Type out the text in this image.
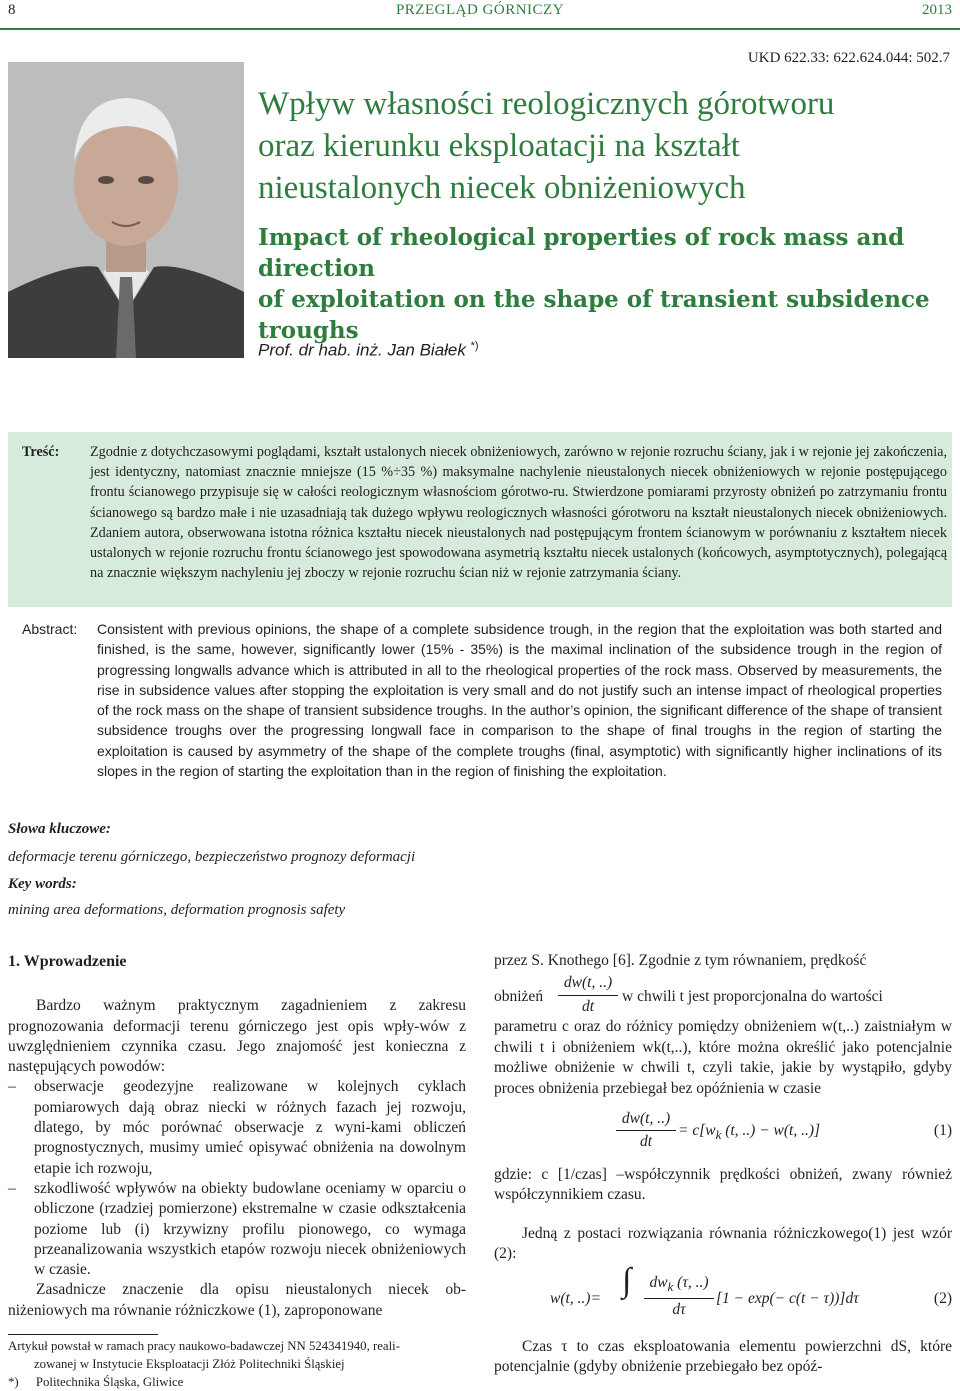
8	PRZEGLĄD GÓRNICZY	2013
UKD 622.33: 622.624.044: 502.7
Wpływ własności reologicznych górotworu
oraz kierunku eksploatacji na kształt
nieustalonych niecek obniżeniowych
Impact of rheological properties of rock mass and direction
of exploitation on the shape of transient subsidence troughs
Prof. dr hab. inż. Jan Białek *)
Treść: Zgodnie z dotychczasowymi poglądami, kształt ustalonych niecek obniżeniowych, zarówno w rejonie rozruchu ściany, jak i w rejonie jej zakończenia, jest identyczny, natomiast znacznie mniejsze (15 %÷35 %) maksymalne nachylenie nieustalonych niecek obniżeniowych w rejonie postępującego frontu ścianowego przypisuje się w całości reologicznym własnościom górotwo-ru. Stwierdzone pomiarami przyrosty obniżeń po zatrzymaniu frontu ścianowego są bardzo małe i nie uzasadniają tak dużego wpływu reologicznych własności górotworu na kształt nieustalonych niecek obniżeniowych. Zdaniem autora, obserwowana istotna różnica kształtu niecek nieustalonych nad postępującym frontem ścianowym w porównaniu z kształtem niecek ustalonych w rejonie rozruchu frontu ścianowego jest spowodowana asymetrią kształtu niecek ustalonych (końcowych, asymptotycznych), polegającą na znacznie większym nachyleniu jej zboczy w rejonie rozruchu ścian niż w rejonie zatrzymania ściany.
Abstract: Consistent with previous opinions, the shape of a complete subsidence trough, in the region that the exploitation was both started and finished, is the same, however, significantly lower (15% - 35%) is the maximal inclination of the subsidence trough in the region of progressing longwalls advance which is attributed in all to the rheological properties of the rock mass. Observed by measurements, the rise in subsidence values after stopping the exploitation is very small and do not justify such an intense impact of rheological properties of the rock mass on the shape of transient subsidence troughs. In the author’s opinion, the significant difference of the shape of transient subsidence troughs over the progressing longwall face in comparison to the shape of final troughs in the region of starting the exploitation is caused by asymmetry of the shape of the complete troughs (final, asymptotic) with significantly higher inclinations of its slopes in the region of starting the exploitation than in the region of finishing the exploitation.
Słowa kluczowe:
deformacje terenu górniczego, bezpieczeństwo prognozy deformacji
Key words:
mining area deformations, deformation prognosis safety
1. Wprowadzenie
Bardzo ważnym praktycznym zagadnieniem z zakresu prognozowania deformacji terenu górniczego jest opis wpły-wów z uwzględnieniem czynnika czasu. Jego znajomość jest konieczna z następujących powodów:
– obserwacje geodezyjne realizowane w kolejnych cyklach pomiarowych dają obraz niecki w różnych fazach jej rozwoju, dlatego, by móc porównać obserwacje z wyni-kami obliczeń prognostycznych, musimy umieć opisywać obniżenia na dowolnym etapie ich rozwoju,
– szkodliwość wpływów na obiekty budowlane oceniamy w oparciu o obliczone (rzadziej pomierzone) ekstremalne w czasie odkształcenia poziome lub (i) krzywizny profilu pionowego, co wymaga przeanalizowania wszystkich etapów rozwoju niecek obniżeniowych w czasie.
Zasadnicze znaczenie dla opisu nieustalonych niecek ob-niżeniowych ma równanie różniczkowe (1), zaproponowane
Artykuł powstał w ramach pracy naukowo-badawczej NN 524341940, reali-
zowanej w Instytucie Eksploatacji Złóż Politechniki Śląskiej
*) Politechnika Śląska, Gliwice
przez S. Knothego [6]. Zgodnie z tym równaniem, prędkość
obniżeń
dw(t, ..)
dt
w chwili t jest proporcjonalna do wartości
parametru c oraz do różnicy pomiędzy obniżeniem w(t,..) zaistniałym w chwili t i obniżeniem wk(t,..), które można określić jako potencjalnie możliwe obniżenie w chwili t, czyli takie, jakie by wystąpiło, gdyby proces obniżenia przebiegał bez opóźnienia w czasie
dw(t, ..)
dt
= $c[w_k$ (t, ..) − w(t, ..)]	(1)
gdzie: c [1/czas] –współczynnik prędkości obniżeń, zwany również współczynnikiem czasu.
Jedną z postaci rozwiązania równania różniczkowego(1) jest wzór (2):
w(t, ..)= ∫	$dw_k$ (τ, ..)
dτ
[1 − exp(− c(t − τ))]dτ	(2)
Czas τ to czas eksploatowania elementu powierzchni dS, które potencjalnie (gdyby obniżenie przebiegało bez opóź-
